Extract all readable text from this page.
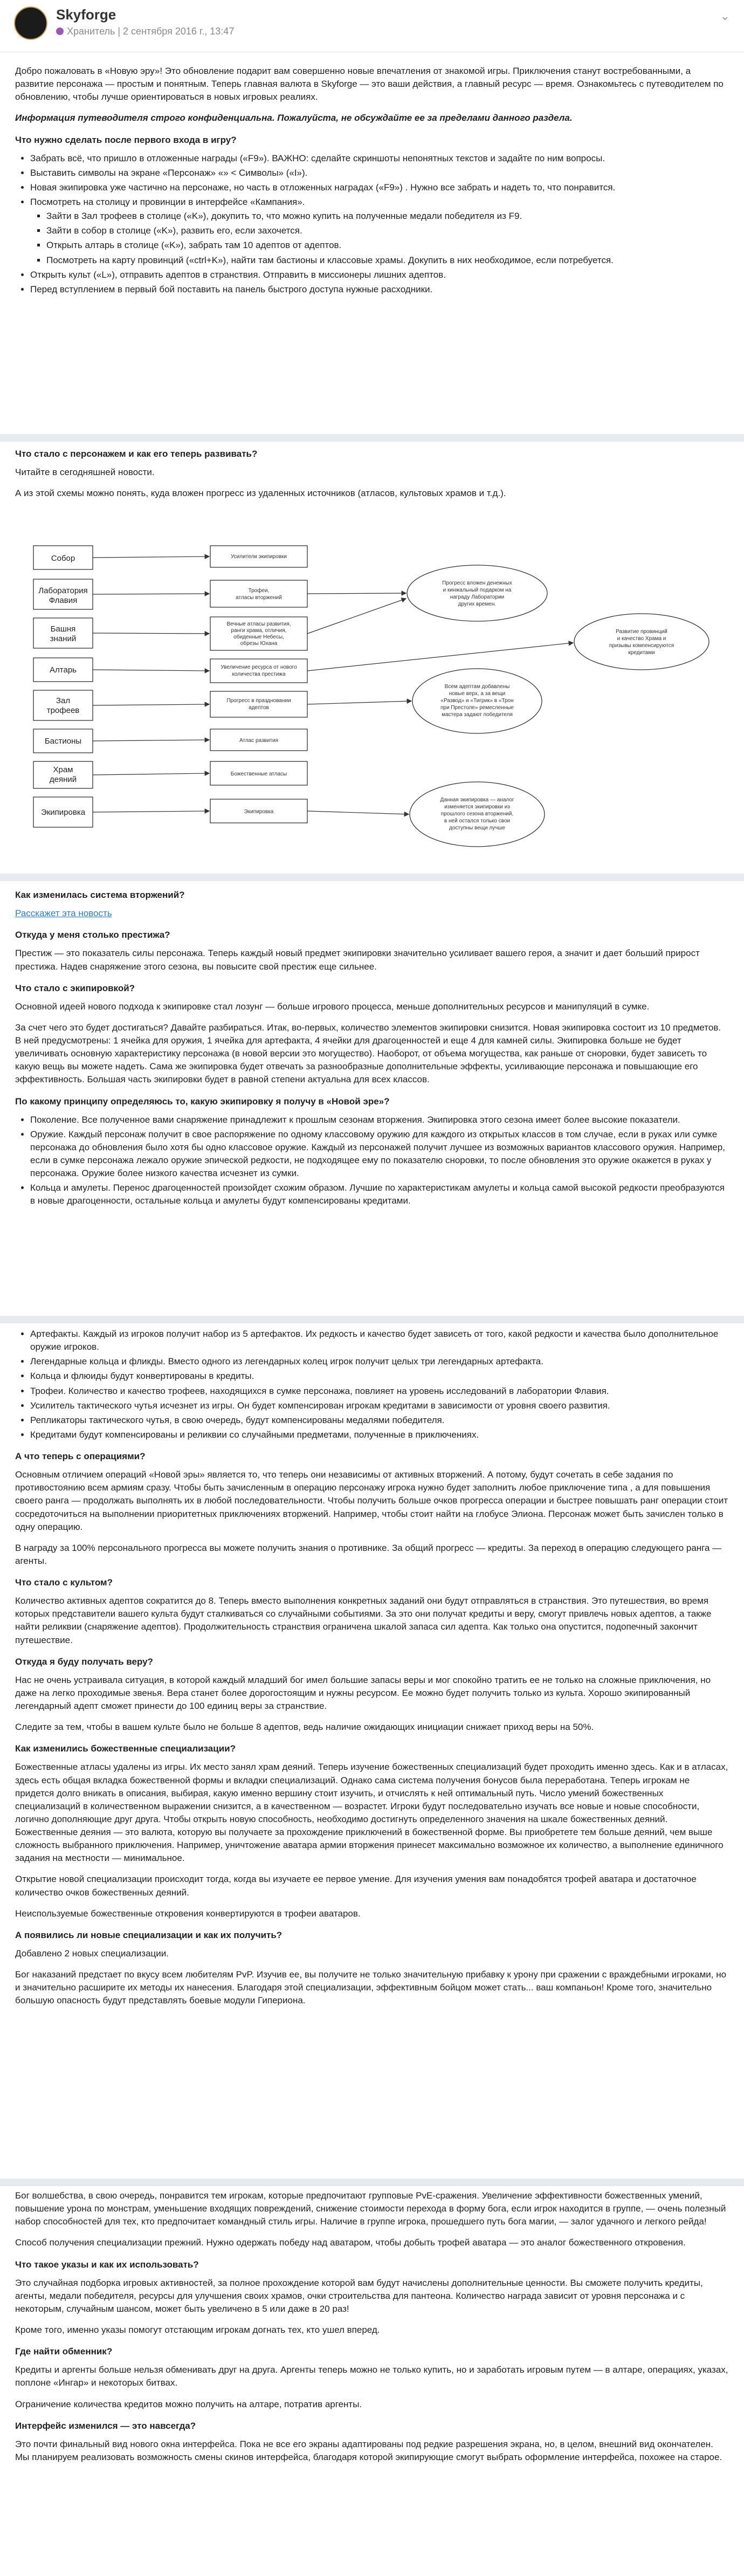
Skyforge
Хранитель | 2 сентября 2016 г., 13:47
⌄

Добро пожаловать в «Новую эру»! Это обновление подарит вам совершенно новые впечатления от знакомой игры. Приключения станут востребованными, а развитие персонажа — простым и понятным. Теперь главная валюта в Skyforge — это ваши действия, а главный ресурс — время. Ознакомьтесь с путеводителем по обновлению, чтобы лучше ориентироваться в новых игровых реалиях.

Информация путеводителя строго конфиденциальна. Пожалуйста, не обсуждайте ее за пределами данного раздела.

Что нужно сделать после первого входа в игру?
• Забрать всё, что пришло в отложенные награды («F9»). ВАЖНО: сделайте скриншоты непонятных текстов и задайте по ним вопросы.
• Выставить символы на экране «Персонаж» «» < Символы» («I»).
• Новая экипировка уже частично на персонаже, но часть в отложенных наградах («F9») . Нужно все забрать и надеть то, что понравится.
• Посмотреть на столицу и провинции в интерфейсе «Кампания».
▪ Зайти в Зал трофеев в столице («K»), докупить то, что можно купить на полученные медали победителя из F9.
▪ Зайти в собор в столице («K»), развить его, если захочется.
▪ Открыть алтарь в столице («K»), забрать там 10 адептов от адептов.
▪ Посмотреть на карту провинций («ctrl+K»), найти там бастионы и классовые храмы. Докупить в них необходимое, если потребуется.
• Открыть культ («L»), отправить адептов в странствия. Отправить в миссионеры лишних адептов.
• Перед вступлением в первый бой поставить на панель быстрого доступа нужные расходники.
Что стало с персонажем и как его теперь развивать?

Читайте в сегодняшней новости.

А из этой схемы можно понять, куда вложен прогресс из удаленных источников (атласов, культовых храмов и т.д.).

Собор
Лаборатория
Флавия
Башня
знаний
Алтарь
Зал
трофеев
Бастионы
Храм
деяний
Экипировка
Усилители экипировки
Трофеи,
атласы вторжений
Вечные атласы развития,
ранги храма, отличия,
обиденные Небесы,
обрезы Юхана
Увеличение ресурса от нового
количества престижа
Прогресс в праздновании
адептов
Атлас развития
Божественные атласы
Экипировка
Прогресс вложен денежных
и кинжальный подарком на
награду Лаборатории
других времен.
Развитие провинций
и качество Храма и
призывы компенсируются
кредитами
Всем адептам добавлены
новые верх, а за вещи
«Развод» и «Тигрик» в «Трон
при Престоле» ремесленные
мастера задают победителя
Данная экипировка — аналог
изменяется экипировки из
прошлого сезона вторжений,
в ней остался только свои
доступны вещи лучше
Как изменилась система вторжений?

Расскажет эта новость

Откуда у меня столько престижа?

Престиж — это показатель силы персонажа. Теперь каждый новый предмет экипировки значительно усиливает вашего героя, а значит и дает больший прирост престижа. Надев снаряжение этого сезона, вы повысите свой престиж еще сильнее.

Что стало с экипировкой?

Основной идеей нового подхода к экипировке стал лозунг — больше игрового процесса, меньше дополнительных ресурсов и манипуляций в сумке.

За счет чего это будет достигаться? Давайте разбираться. Итак, во-первых, количество элементов экипировки снизится. Новая экипировка состоит из 10 предметов. В ней предусмотрены: 1 ячейка для оружия, 1 ячейка для артефакта, 4 ячейки для драгоценностей и еще 4 для камней силы. Экипировка больше не будет увеличивать основную характеристику персонажа (в новой версии это могущество). Наоборот, от объема могущества, как раньше от сноровки, будет зависеть то какую вещь вы можете надеть. Сама же экипировка будет отвечать за разнообразные дополнительные эффекты, усиливающие персонажа и повышающие его эффективность. Большая часть экипировки будет в равной степени актуальна для всех классов.

По какому принципу определяюсь то, какую экипировку я получу в «Новой эре»?
• Поколение. Все полученное вами снаряжение принадлежит к прошлым сезонам вторжения. Экипировка этого сезона имеет более высокие показатели.
• Оружие. Каждый персонаж получит в свое распоряжение по одному классовому оружию для каждого из открытых классов в том случае, если в руках или сумке персонажа до обновления было хотя бы одно классовое оружие. Каждый из персонажей получит лучшее из возможных вариантов классового оружия. Например, если в сумке персонажа лежало оружие эпической редкости, не подходящее ему по показателю сноровки, то после обновления это оружие окажется в руках у персонажа. Оружие более низкого качества исчезнет из сумки.
• Кольца и амулеты. Перенос драгоценностей произойдет схожим образом. Лучшие по характеристикам амулеты и кольца самой высокой редкости преобразуются в новые драгоценности, остальные кольца и амулеты будут компенсированы кредитами.
• Артефакты. Каждый из игроков получит набор из 5 артефактов. Их редкость и качество будет зависеть от того, какой редкости и качества было дополнительное оружие игроков.
• Легендарные кольца и фликды. Вместо одного из легендарных колец игрок получит целых три легендарных артефакта.
• Кольца и флюиды будут конвертированы в кредиты.
• Трофеи. Количество и качество трофеев, находящихся в сумке персонажа, повлияет на уровень исследований в лаборатории Флавия.
• Усилитель тактического чутья исчезнет из игры. Он будет компенсирован игрокам кредитами в зависимости от уровня своего развития.
• Репликаторы тактического чутья, в свою очередь, будут компенсированы медалями победителя.
• Кредитами будут компенсированы и реликвии со случайными предметами, полученные в приключениях.
А что теперь с операциями?

Основным отличием операций «Новой эры» является то, что теперь они независимы от активных вторжений. А потому, будут сочетать в себе задания по противостоянию всем армиям сразу. Чтобы быть зачисленным в операцию персонажу игрока нужно будет заполнить любое приключение типа , а для повышения своего ранга — продолжать выполнять их в любой последовательности. Чтобы получить больше очков прогресса операции и быстрее повышать ранг операции стоит сосредоточиться на выполнении приоритетных приключениях вторжений. Например, чтобы стоит найти на глобусе Элиона. Персонаж может быть зачислен только в одну операцию.

В награду за 100% персонального прогресса вы можете получить знания о противнике. За общий прогресс — кредиты. За переход в операцию следующего ранга — агенты.

Что стало с культом?

Количество активных адептов сократится до 8. Теперь вместо выполнения конкретных заданий они будут отправляться в странствия. Это путешествия, во время которых представители вашего культа будут сталкиваться со случайными событиями. За это они получат кредиты и веру, смогут привлечь новых адептов, а также найти реликвии (снаряжение адептов). Продолжительность странствия ограничена шкалой запаса сил адепта. Как только она опустится, подопечный закончит путешествие.

Откуда я буду получать веру?

Нас не очень устраивала ситуация, в которой каждый младший бог имел большие запасы веры и мог спокойно тратить ее не только на сложные приключения, но даже на легко проходимые звенья. Вера станет более дорогостоящим и нужны ресурсом. Ее можно будет получить только из культа. Хорошо экипированный легендарный адепт сможет принести до 100 единиц веры за странствие.

Следите за тем, чтобы в вашем культе было не больше 8 адептов, ведь наличие ожидающих инициации снижает приход веры на 50%.

Как изменились божественные специализации?

Божественные атласы удалены из игры. Их место занял храм деяний. Теперь изучение божественных специализаций будет проходить именно здесь. Как и в атласах, здесь есть общая вкладка божественной формы и вкладки специализаций. Однако сама система получения бонусов была переработана. Теперь игрокам не придется долго вникать в описания, выбирая, какую именно вершину стоит изучить, и отчислять к ней оптимальный путь. Число умений божественных специализаций в количественном выражении снизится, а в качественном — возрастет. Игроки будут последовательно изучать все новые и новые способности, логично дополняющие друг друга. Чтобы открыть новую способность, необходимо достигнуть определенного значения на шкале божественных деяний. Божественные деяния — это валюта, которую вы получаете за прохождение приключений в божественной форме. Вы приобретете тем больше деяний, чем выше сложность выбранного приключения. Например, уничтожение аватара армии вторжения принесет максимально возможное их количество, а выполнение единичного задания на местности — минимальное.

Открытие новой специализации происходит тогда, когда вы изучаете ее первое умение. Для изучения умения вам понадобятся трофей аватара и достаточное количество очков божественных деяний.

Неиспользуемые божественные откровения конвертируются в трофеи аватаров.

А появились ли новые специализации и как их получить?

Добавлено 2 новых специализации.

Бог наказаний предстает по вкусу всем любителям PvP. Изучив ее, вы получите не только значительную прибавку к урону при сражении с враждебными игроками, но и значительно расширите их методы их нанесения. Благодаря этой специализации, эффективным бойцом может стать... ваш компаньон! Кроме того, значительно большую опасность будут представлять боевые модули Гипериона.

Бог волшебства, в свою очередь, понравится тем игрокам, которые предпочитают групповые PvE-сражения. Увеличение эффективности божественных умений, повышение урона по монстрам, уменьшение входящих повреждений, снижение стоимости перехода в форму бога, если игрок находится в группе, — очень полезный набор способностей для тех, кто предпочитает командный стиль игры. Наличие в группе игрока, прошедшего путь бога магии, — залог удачного и легкого рейда!

Способ получения специализации прежний. Нужно одержать победу над аватаром, чтобы добыть трофей аватара — это аналог божественного откровения.

Что такое указы и как их использовать?

Это случайная подборка игровых активностей, за полное прохождение которой вам будут начислены дополнительные ценности. Вы сможете получить кредиты, агенты, медали победителя, ресурсы для улучшения своих храмов, очки строительства для пантеона. Количество награда зависит от уровня персонажа и с некоторым, случайным шансом, может быть увеличено в 5 или даже в 20 раз!

Кроме того, именно указы помогут отстающим игрокам догнать тех, кто ушел вперед.

Где найти обменник?

Кредиты и аргенты больше нельзя обменивать друг на друга. Аргенты теперь можно не только купить, но и заработать игровым путем — в алтаре, операциях, указах, поплоне «Ингар» и некоторых битвах.

Ограничение количества кредитов можно получить на алтаре, потратив аргенты.

Интерфейс изменился — это навсегда?

Это почти финальный вид нового окна интерфейса. Пока не все его экраны адаптированы под редкие разрешения экрана, но, в целом, внешний вид окончателен. Мы планируем реализовать возможность смены скинов интерфейса, благодаря которой экипирующие смогут выбрать оформление интерфейса, похожее на старое.
